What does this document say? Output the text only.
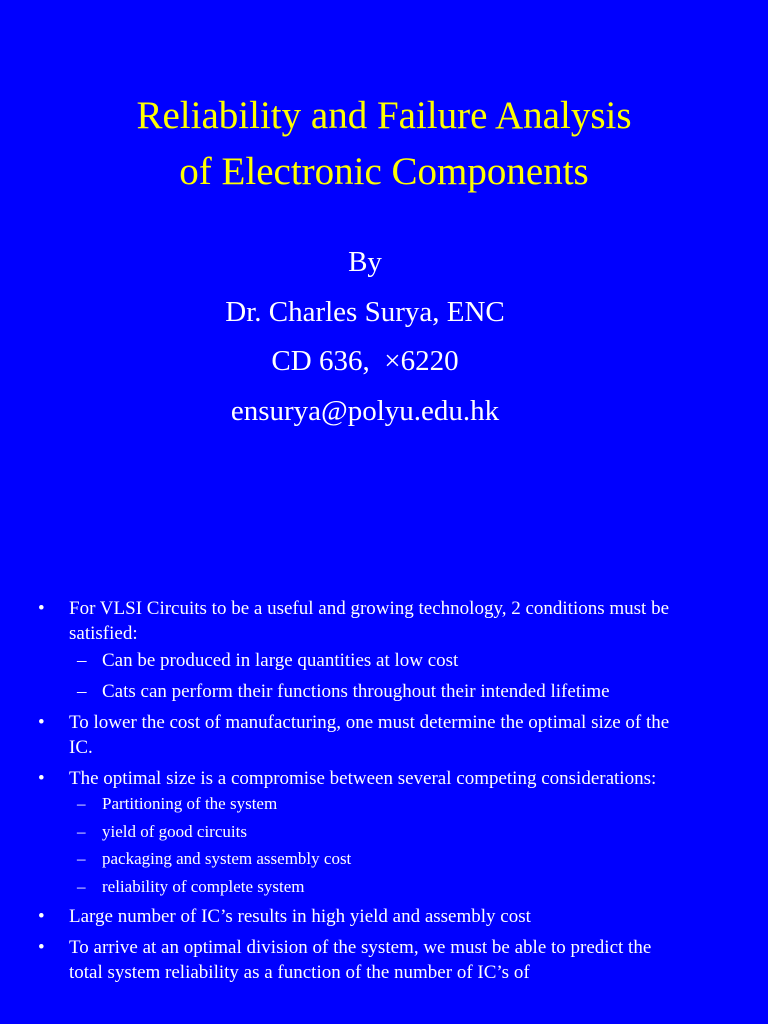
Reliability and Failure Analysis
of Electronic Components
By
Dr. Charles Surya, ENC
CD 636,  ×6220
ensurya@polyu.edu.hk
• For VLSI Circuits to be a useful and growing technology, 2 conditions must be satisfied:
– Can be produced in large quantities at low cost
– Cats can perform their functions throughout their intended lifetime
• To lower the cost of manufacturing, one must determine the optimal size of the IC.
• The optimal size is a compromise between several competing considerations:
– Partitioning of the system
– yield of good circuits
– packaging and system assembly cost
– reliability of complete system
• Large number of IC’s results in high yield and assembly cost
• To arrive at an optimal division of the system, we must be able to predict the total system reliability as a function of the number of IC’s of
